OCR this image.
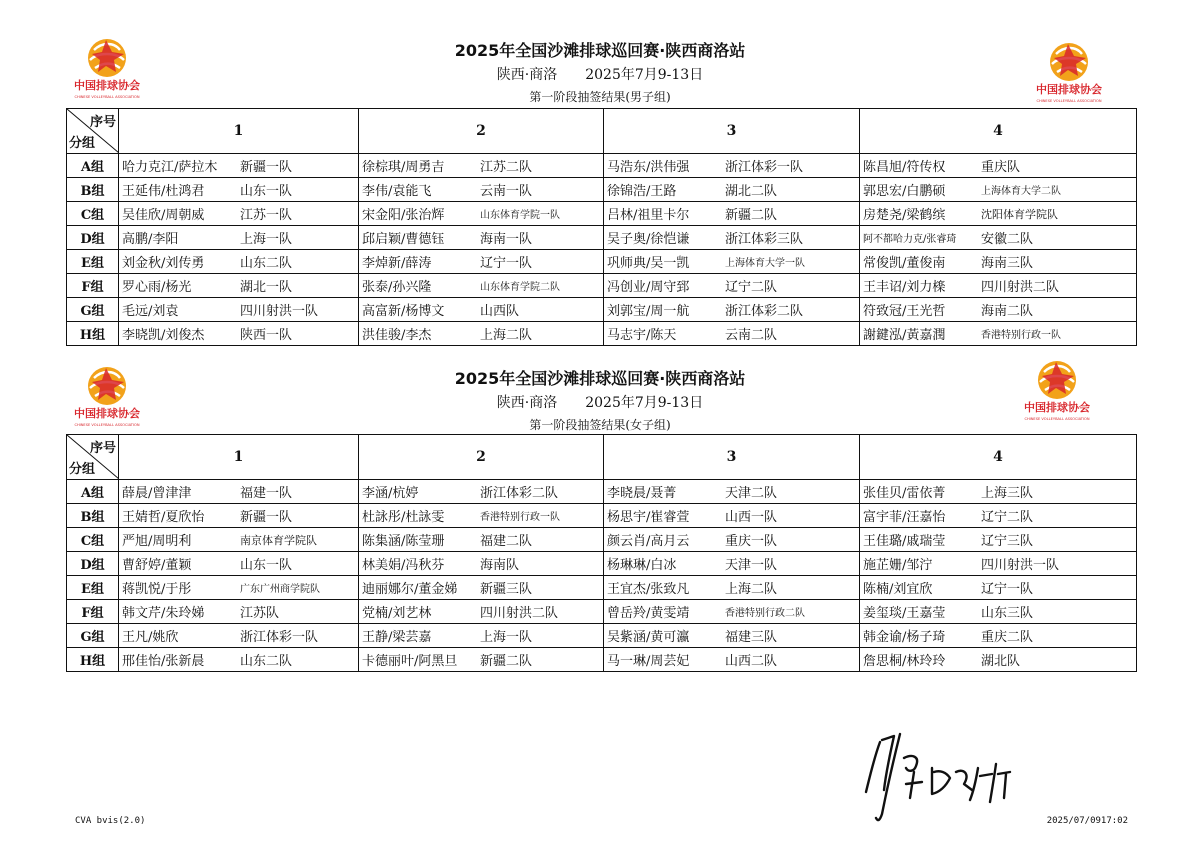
2025年全国沙滩排球巡回赛·陕西商洛站
陕西·商洛 2025年7月9-13日
第一阶段抽签结果(男子组)
中国排球协会
CHINESE VOLLEYBALL ASSOCIATION
中国排球协会
CHINESE VOLLEYBALL ASSOCIATION
序号
分组	1	2	3	4
A组	哈力克江/萨拉木 新疆一队	徐棕琪/周勇吉 江苏二队	马浩东/洪伟强 浙江体彩一队	陈昌旭/符传权 重庆队
B组	王延伟/杜鸿君 山东一队	李伟/袁能飞 云南一队	徐锦浩/王路 湖北二队	郭思宏/白鹏硕 上海体育大学二队
C组	吴佳欣/周朝威 江苏一队	宋金阳/张治辉 山东体育学院一队	吕林/祖里卡尔 新疆二队	房楚尧/梁鹤缤 沈阳体育学院队
D组	高鹏/李阳 上海一队	邱启颖/曹德钰 海南一队	吴子奥/徐恺谦 浙江体彩三队	阿不都哈力克/张睿琦 安徽二队
E组	刘金秋/刘传勇 山东二队	李焯新/薛涛 辽宁一队	巩师典/吴一凯 上海体育大学一队	常俊凯/董俊南 海南三队
F组	罗心雨/杨光 湖北一队	张泰/孙兴隆 山东体育学院二队	冯创业/周守郅 辽宁二队	王丰诏/刘力檪 四川射洪二队
G组	毛远/刘袁 四川射洪一队	高富新/杨博文 山西队	刘郭宝/周一航 浙江体彩二队	符致冠/王光哲 海南二队
H组	李晓凯/刘俊杰 陕西一队	洪佳骏/李杰 上海二队	马志宇/陈天 云南二队	謝鍵泓/黃嘉潤 香港特别行政一队
2025年全国沙滩排球巡回赛·陕西商洛站
陕西·商洛 2025年7月9-13日
第一阶段抽签结果(女子组)
中国排球协会
CHINESE VOLLEYBALL ASSOCIATION
中国排球协会
CHINESE VOLLEYBALL ASSOCIATION
序号
分组	1	2	3	4
A组	薛晨/曾津津 福建一队	李涵/杭婷 浙江体彩二队	李晓晨/聂菁 天津二队	张佳贝/雷依菁 上海三队
B组	王婧哲/夏欣怡 新疆一队	杜詠彤/杜詠雯 香港特别行政一队	杨思宇/崔睿萱 山西一队	富宇菲/汪嘉怡 辽宁二队
C组	严旭/周明利 南京体育学院队	陈集涵/陈莹珊 福建二队	颜云肖/高月云 重庆一队	王佳璐/戚瑞莹 辽宁三队
D组	曹舒婷/董颖 山东一队	林美娟/冯秋芬 海南队	杨琳琳/白冰 天津一队	施芷姗/邹泞 四川射洪一队
E组	蒋凯悦/于彤 广东广州商学院队	迪丽娜尔/董金娣 新疆三队	王宜杰/张致凡 上海二队	陈楠/刘宜欣 辽宁一队
F组	韩文芹/朱玲娣 江苏队	党楠/刘艺林 四川射洪二队	曾岳羚/黄雯靖 香港特别行政二队	姜玺琰/王嘉莹 山东三队
G组	王凡/姚欣 浙江体彩一队	王静/梁芸嘉 上海一队	吴紫涵/黄可瀛 福建三队	韩金谕/杨子琦 重庆二队
H组	邢佳怡/张新晨 山东二队	卡德丽叶/阿黑旦 新疆二队	马一琳/周芸妃 山西二队	詹思桐/林玲玲 湖北队
CVA bvis(2.0)	2025/07/0917:02
